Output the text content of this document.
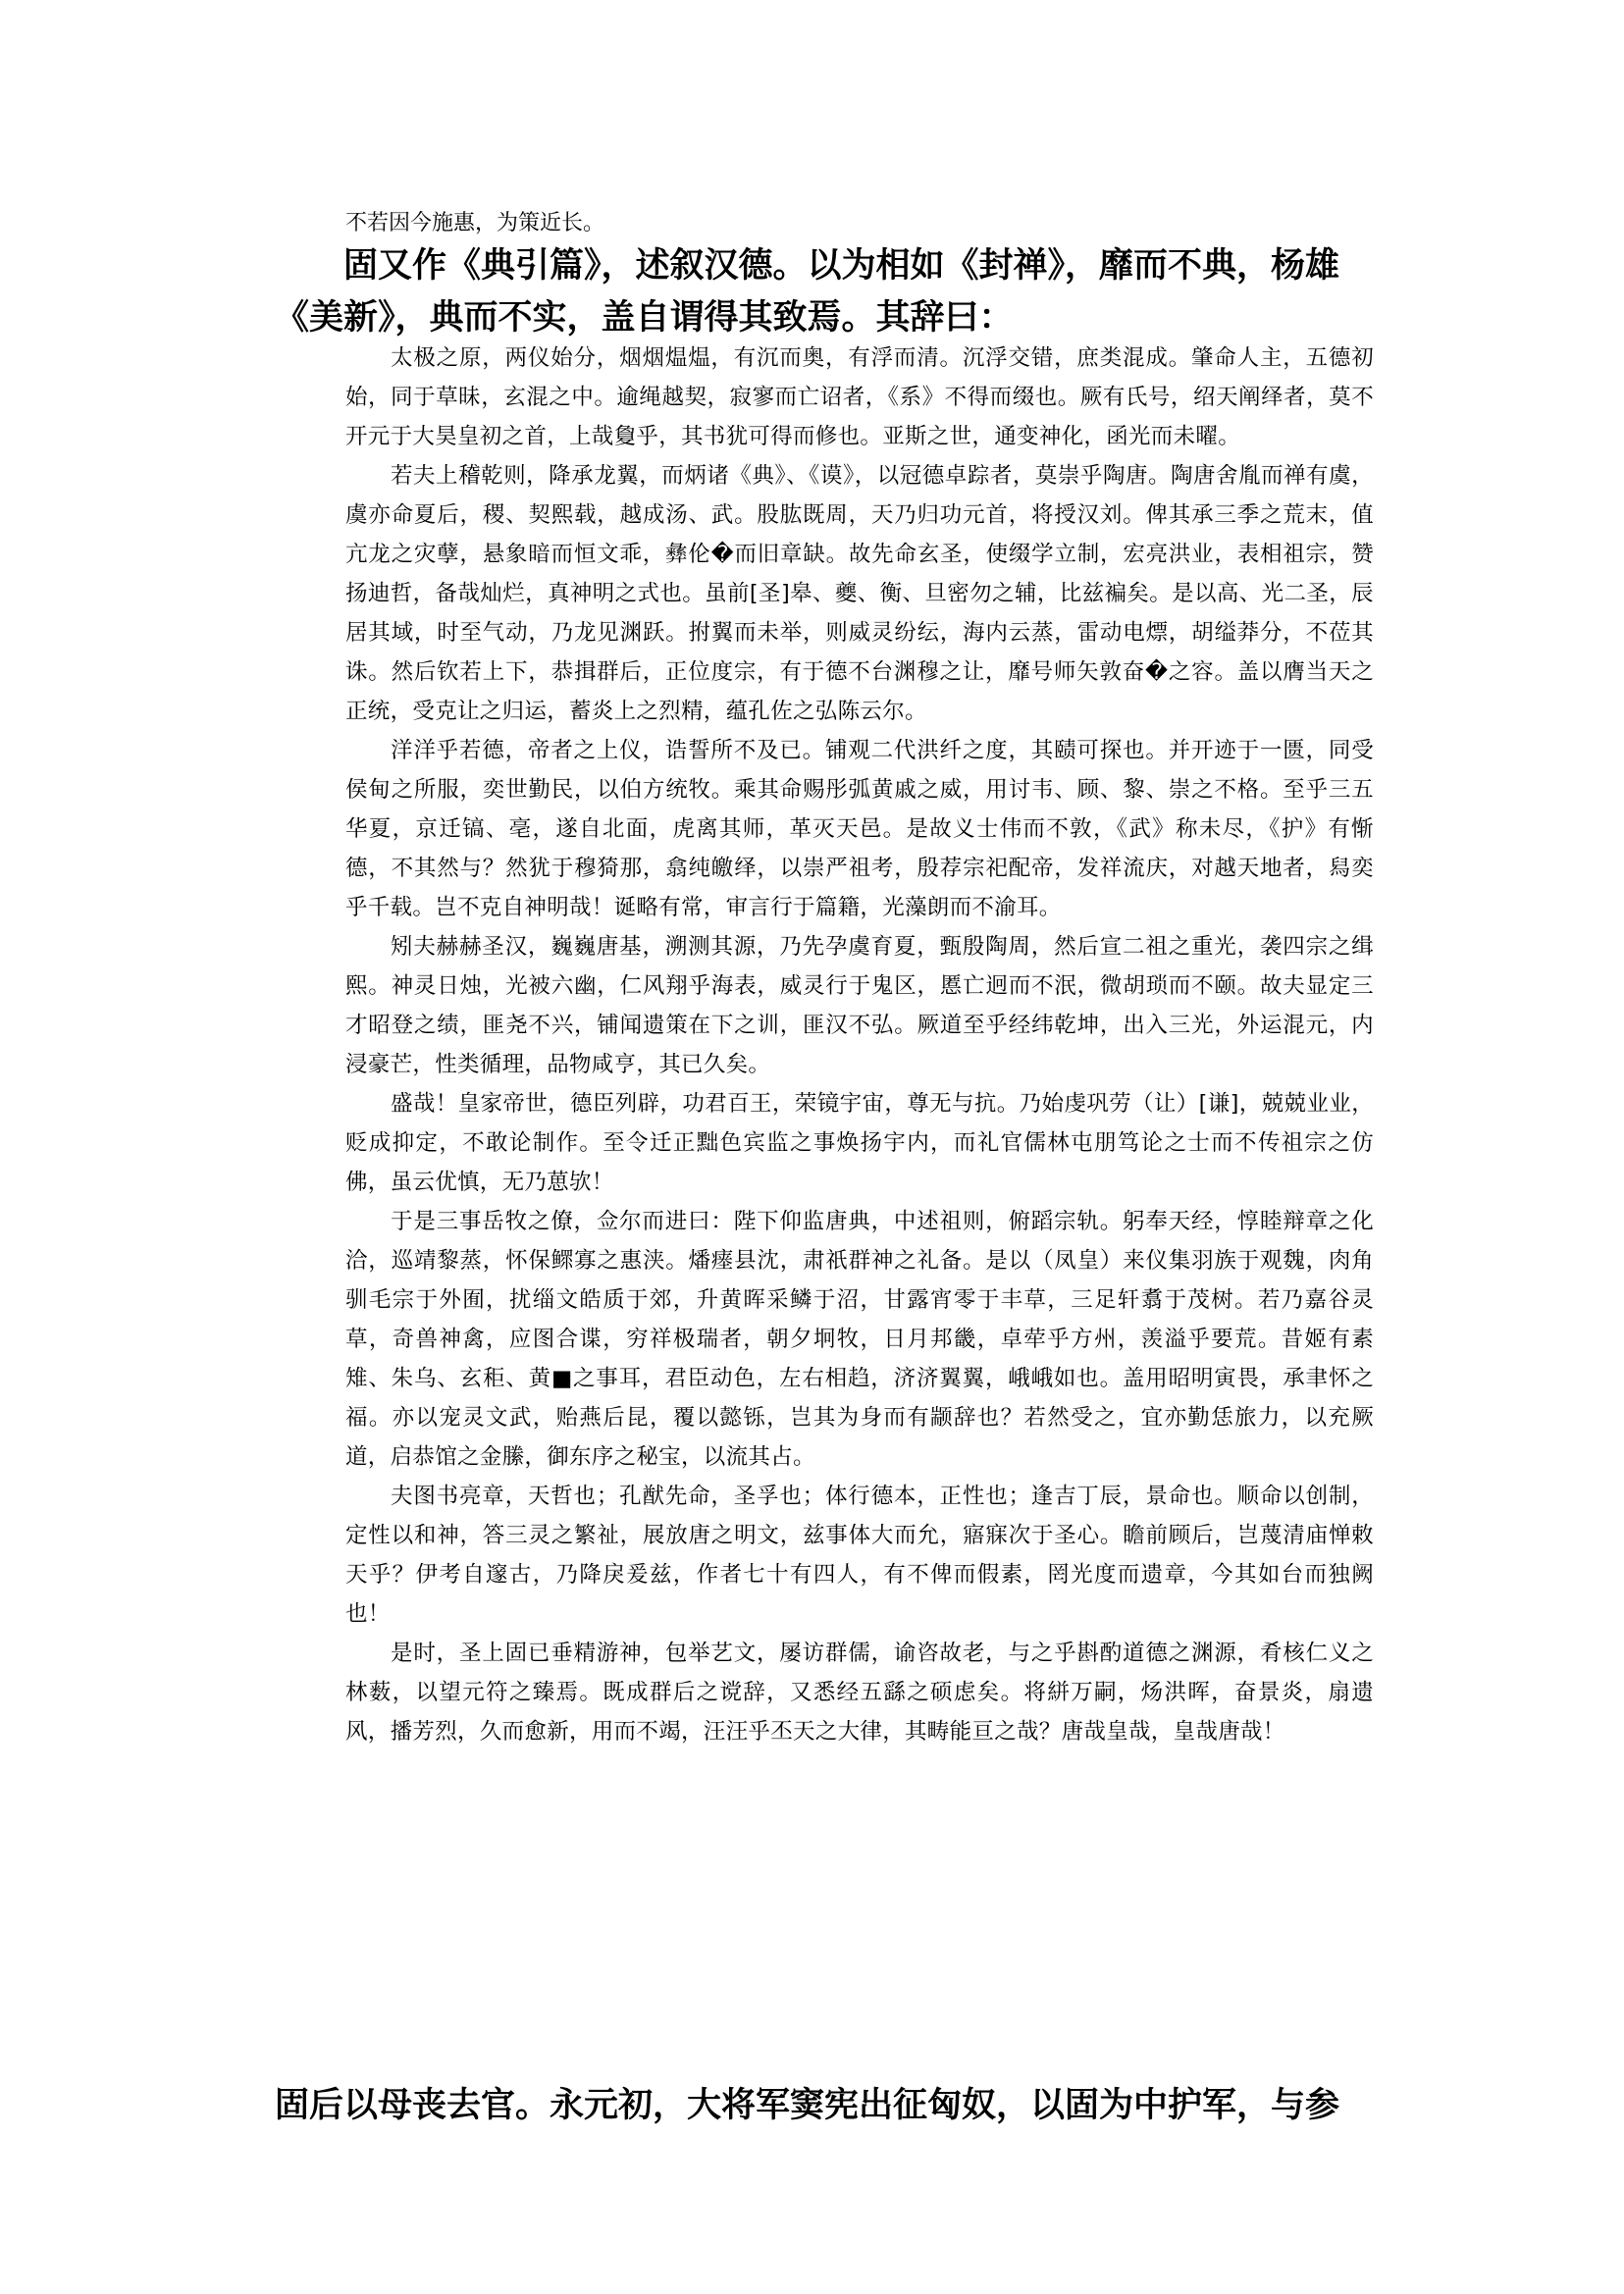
不若因今施惠，为策近长。

固又作《典引篇》，述叙汉德。以为相如《封禅》，靡而不典，杨雄《美新》，典而不实，盖自谓得其致焉。其辞曰：

太极之原，两仪始分，烟烟煴煴，有沉而奥，有浮而清。沉浮交错，庶类混成。肇命人主，五德初始，同于草昧，玄混之中。逾绳越契，寂寥而亡诏者，《系》不得而缀也。厥有氏号，绍天阐绎者，莫不开元于大昊皇初之首，上哉敻乎，其书犹可得而修也。亚斯之世，通变神化，函光而未曜。

若夫上稽乾则，降承龙翼，而炳诸《典》、《谟》，以冠德卓踪者，莫崇乎陶唐。陶唐舍胤而禅有虞，虞亦命夏后，稷、契熙载，越成汤、武。股肱既周，天乃归功元首，将授汉刘。俾其承三季之荒末，值亢龙之灾孽，悬象暗而恒文乖，彝伦�而旧章缺。故先命玄圣，使缀学立制，宏亮洪业，表相祖宗，赞扬迪哲，备哉灿烂，真神明之式也。虽前[圣]皋、夔、衡、旦密勿之辅，比兹褊矣。是以高、光二圣，辰居其域，时至气动，乃龙见渊跃。拊翼而未举，则威灵纷纭，海内云蒸，雷动电熛，胡缢莽分，不莅其诛。然后钦若上下，恭揖群后，正位度宗，有于德不台渊穆之让，靡号师矢敦奋�之容。盖以膺当天之正统，受克让之归运，蓄炎上之烈精，蕴孔佐之弘陈云尔。

洋洋乎若德，帝者之上仪，诰誓所不及已。铺观二代洪纤之度，其赜可探也。并开迹于一匮，同受侯甸之所服，奕世勤民，以伯方统牧。乘其命赐彤弧黄戚之威，用讨韦、顾、黎、崇之不格。至乎三五华夏，京迁镐、亳，遂自北面，虎离其师，革灭天邑。是故义士伟而不敦，《武》称未尽，《护》有惭德，不其然与？然犹于穆猗那，翕纯皦绎，以崇严祖考，殷荐宗祀配帝，发祥流庆，对越天地者，舄奕乎千载。岂不克自神明哉！诞略有常，审言行于篇籍，光藻朗而不渝耳。

矧夫赫赫圣汉，巍巍唐基，溯测其源，乃先孕虞育夏，甄殷陶周，然后宣二祖之重光，袭四宗之缉熙。神灵日烛，光被六幽，仁风翔乎海表，威灵行于鬼区，慝亡迥而不泯，微胡琐而不颐。故夫显定三才昭登之绩，匪尧不兴，铺闻遗策在下之训，匪汉不弘。厥道至乎经纬乾坤，出入三光，外运混元，内浸豪芒，性类循理，品物咸亨，其已久矣。

盛哉！皇家帝世，德臣列辟，功君百王，荣镜宇宙，尊无与抗。乃始虔巩劳（让）[谦]，兢兢业业，贬成抑定，不敢论制作。至令迁正黜色宾监之事焕扬宇内，而礼官儒林屯朋笃论之士而不传祖宗之仿佛，虽云优慎，无乃葸欤！

于是三事岳牧之僚，佥尔而进曰：陛下仰监唐典，中述祖则，俯蹈宗轨。躬奉天经，惇睦辩章之化洽，巡靖黎蒸，怀保鳏寡之惠浃。燔瘗县沈，肃祇群神之礼备。是以（凤皇）来仪集羽族于观魏，肉角驯毛宗于外囿，扰缁文皓质于郊，升黄晖采鳞于沼，甘露宵零于丰草，三足轩翥于茂树。若乃嘉谷灵草，奇兽神禽，应图合谍，穷祥极瑞者，朝夕坰牧，日月邦畿，卓荦乎方州，羡溢乎要荒。昔姬有素雉、朱乌、玄秬、黄■之事耳，君臣动色，左右相趋，济济翼翼，峨峨如也。盖用昭明寅畏，承聿怀之福。亦以宠灵文武，贻燕后昆，覆以懿铄，岂其为身而有颛辞也？若然受之，宜亦勤恁旅力，以充厥道，启恭馆之金縢，御东序之秘宝，以流其占。

夫图书亮章，天哲也；孔猷先命，圣孚也；体行德本，正性也；逢吉丁辰，景命也。顺命以创制，定性以和神，答三灵之繁祉，展放唐之明文，兹事体大而允，寤寐次于圣心。瞻前顾后，岂蔑清庙惮敕天乎？伊考自邃古，乃降戾爰兹，作者七十有四人，有不俾而假素，罔光度而遗章，今其如台而独阙也！

是时，圣上固已垂精游神，包举艺文，屡访群儒，谕咨故老，与之乎斟酌道德之渊源，肴核仁义之林薮，以望元符之臻焉。既成群后之谠辞，又悉经五繇之硕虑矣。将絣万嗣，炀洪晖，奋景炎，扇遗风，播芳烈，久而愈新，用而不竭，汪汪乎丕天之大律，其畴能亘之哉？唐哉皇哉，皇哉唐哉！

固后以母丧去官。永元初，大将军窦宪出征匈奴，以固为中护军，与参
